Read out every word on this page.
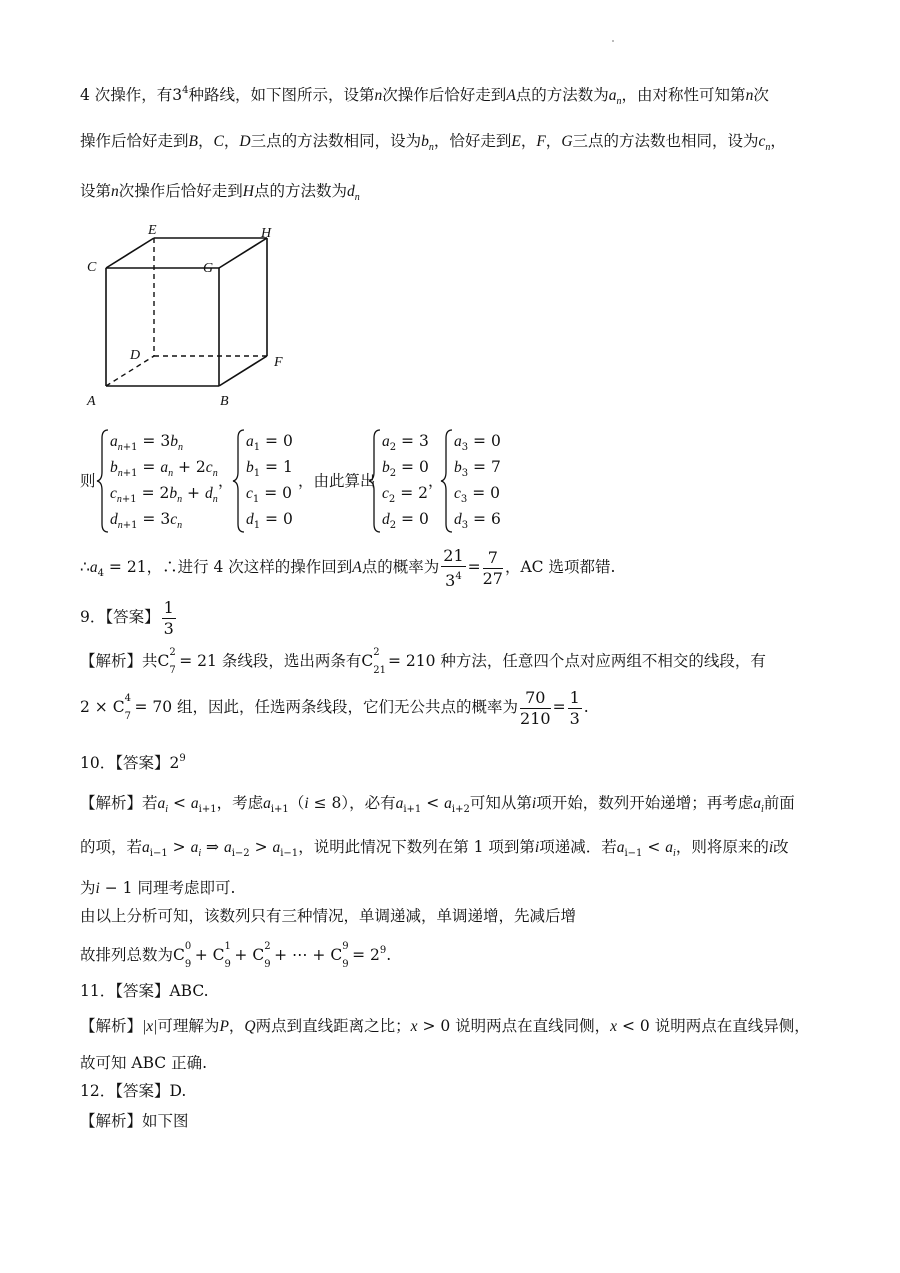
4 次操作，有$3^4$种路线，如下图所示，设第n次操作后恰好走到A点的方法数为$a_n$，由对称性可知第n次
操作后恰好走到B，C，D三点的方法数相同，设为$b_n$，恰好走到E，F，G三点的方法数也相同，设为$c_n$，
设第n次操作后恰好走到H点的方法数为$d_n$
C
E
G
H
D	F
A	B
则
$a_{n+1} = 3b_n$
$b_{n+1} = a_n + 2c_n$
$c_{n+1} = 2b_n + d_n$
$d_{n+1} = 3c_n$
，
$a_1 = 0$
$b_1 = 1$
$c_1 = 0$
$d_1 = 0$
，由此算出
$a_2 = 3$
$b_2 = 0$
$c_2 = 2$
$d_2 = 0$
，
$a_3 = 0$
$b_3 = 7$
$c_3 = 0$
$d_3 = 6$
$\therefore a_4 = 21$，∴进行 4 次这样的操作回到A点的概率为 $\frac{21}{3^4} = \frac{7}{27}$ ，AC 选项都错.
9．【答案】 $\frac{1}{3}$
【解析】共C 2
7
= 21 条线段，选出两条有C 2
21
= 210 种方法，任意四个点对应两组不相交的线段，有
2 × C 4
7
= 70 组，因此，任选两条线段，它们无公共点的概率为 $\frac{70}{210} = \frac{1}{3}$ .
10．【答案】$2^9$
【解析】若$a_i < a_{i+1}$，考虑$a_{i+1}(i \le 8)$，必有$a_{i+1} < a_{i+2}$可知从第i项开始，数列开始递增；再考虑$a_i$前面
的项，若$a_{i-1} > a_i$ ⇒ $a_{i-2} > a_{i-1}$，说明此情况下数列在第 1 项到第i项递减．若$a_{i-1} < a_i$，则将原来的i改
为i − 1 同理考虑即可.
由以上分析可知，该数列只有三种情况，单调递减，单调递增，先减后增
故排列总数为C 0
9
+ C 1
9
+ C 2
9
+ ⋯ + C 9
9
= $2^9$.
11．【答案】ABC.
【解析】|x|可理解为P，Q两点到直线距离之比；x > 0 说明两点在直线同侧，x < 0 说明两点在直线异侧，
故可知 ABC 正确.
12．【答案】D.
【解析】如下图
